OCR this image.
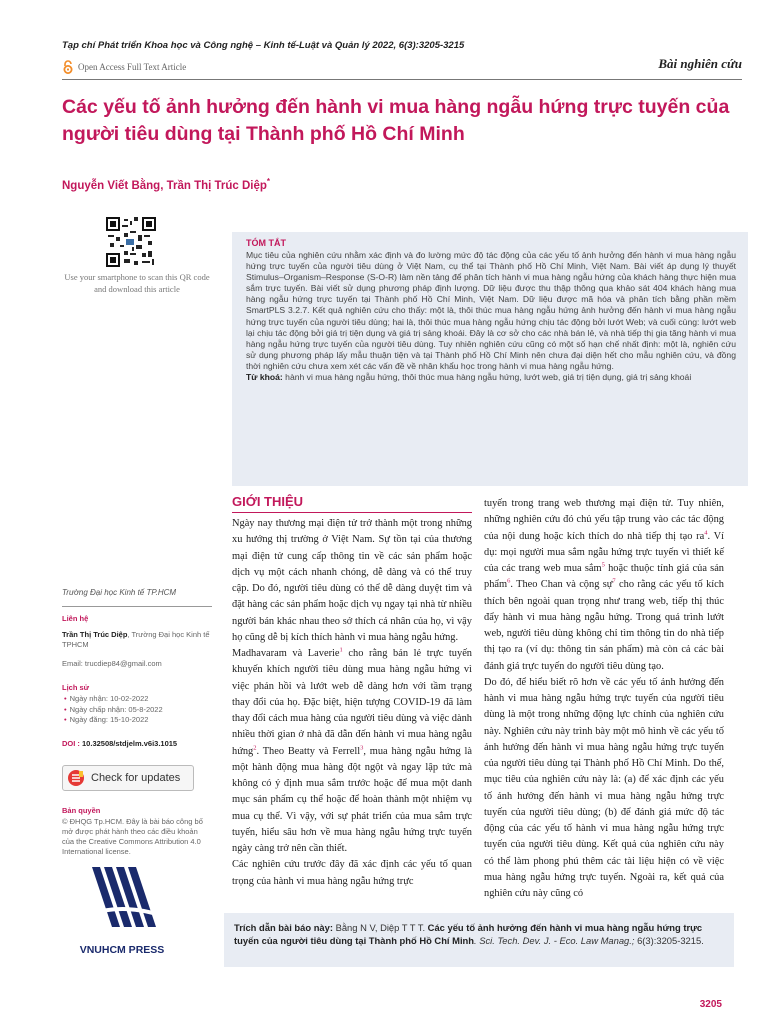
Tạp chí Phát triển Khoa học và Công nghệ – Kinh tế-Luật và Quản lý 2022, 6(3):3205-3215
Open Access Full Text Article	Bài nghiên cứu
Các yếu tố ảnh hưởng đến hành vi mua hàng ngẫu hứng trực tuyến của người tiêu dùng tại Thành phố Hồ Chí Minh
Nguyễn Viết Bằng, Trần Thị Trúc Diệp*
Use your smartphone to scan this QR code and download this article
TÓM TẮT

Mục tiêu của nghiên cứu nhằm xác định và đo lường mức độ tác động của các yếu tố ảnh hưởng đến hành vi mua hàng ngẫu hứng trực tuyến của người tiêu dùng ở Việt Nam, cụ thể tại Thành phố Hồ Chí Minh, Việt Nam. Bài viết áp dụng lý thuyết Stimulus–Organism–Response (S-O-R) làm nền tảng để phân tích hành vi mua hàng ngẫu hứng của khách hàng thực hiện mua sắm trực tuyến. Bài viết sử dụng phương pháp định lượng. Dữ liệu được thu thập thông qua khảo sát 404 khách hàng mua hàng ngẫu hứng trực tuyến tại Thành phố Hồ Chí Minh, Việt Nam. Dữ liệu được mã hóa và phân tích bằng phần mềm SmartPLS 3.2.7. Kết quả nghiên cứu cho thấy: một là, thôi thúc mua hàng ngẫu hứng ảnh hưởng đến hành vi mua hàng ngẫu hứng trực tuyến của người tiêu dùng; hai là, thôi thúc mua hàng ngẫu hứng chịu tác động bởi lướt Web; và cuối cùng: lướt web lại chịu tác động bởi giá trị tiện dụng và giá trị sảng khoái. Đây là cơ sở cho các nhà bán lẻ, và nhà tiếp thị gia tăng hành vi mua hàng ngẫu hứng trực tuyến của người tiêu dùng. Tuy nhiên nghiên cứu cũng có một số hạn chế nhất định: một là, nghiên cứu sử dụng phương pháp lấy mẫu thuận tiện và tại Thành phố Hồ Chí Minh nên chưa đại diện hết cho mẫu nghiên cứu, và đồng thời nghiên cứu chưa xem xét các vấn đề về nhân khẩu học trong hành vi mua hàng ngẫu hứng.

Từ khoá: hành vi mua hàng ngẫu hứng, thôi thúc mua hàng ngẫu hứng, lướt web, giá trị tiện dụng, giá trị sảng khoái

Trường Đại học Kinh tế TP.HCM
Liên hệ
Trần Thị Trúc Diệp, Trường Đại học Kinh tế TPHCM
Email: trucdiep84@gmail.com
Lịch sử
• Ngày nhận: 10-02-2022
• Ngày chấp nhận: 05-8-2022
• Ngày đăng: 15-10-2022
DOI : 10.32508/stdjelm.v6i3.1015
Check for updates
Bản quyền
© ĐHQG Tp.HCM. Đây là bài báo công bố mở được phát hành theo các điều khoản của the Creative Commons Attribution 4.0 International license.
VNUHCM PRESS
GIỚI THIỆU

Ngày nay thương mại điện tử trở thành một trong những xu hướng thị trường ở Việt Nam. Sự tồn tại của thương mại điện tử cung cấp thông tin về các sản phẩm hoặc dịch vụ một cách nhanh chóng, dễ dàng và có thể truy cập. Do đó, người tiêu dùng có thể dễ dàng duyệt tìm và đặt hàng các sản phẩm hoặc dịch vụ ngay tại nhà từ nhiều người bán khác nhau theo sở thích cá nhân của họ, vì vậy họ cũng dễ bị kích thích hành vi mua hàng ngẫu hứng.

Madhavaram và Laverie$^1$ cho rằng bản lẻ trực tuyến khuyến khích người tiêu dùng mua hàng ngẫu hứng vì việc phản hồi và lướt web dễ dàng hơn với tầm trạng thay đổi của họ. Đặc biệt, hiện tượng COVID-19 đã làm thay đổi cách mua hàng của người tiêu dùng và việc dành nhiều thời gian ở nhà đã dẫn đến hành vi mua hàng ngẫu hứng$^2$. Theo Beatty và Ferrell$^3$, mua hàng ngẫu hứng là một hành động mua hàng đột ngột và ngay lập tức mà không có ý định mua sắm trước hoặc để mua một danh mục sản phẩm cụ thể hoặc để hoàn thành một nhiệm vụ mua cụ thể. Vì vậy, với sự phát triển của mua sắm trực tuyến, hiểu sâu hơn về mua hàng ngẫu hứng trực tuyến ngày càng trở nên cần thiết.

Các nghiên cứu trước đây đã xác định các yếu tố quan trọng của hành vi mua hàng ngẫu hứng trực

tuyến trong trang web thương mại điện tử. Tuy nhiên, những nghiên cứu đó chủ yếu tập trung vào các tác động của nội dung hoặc kích thích do nhà tiếp thị tạo $ra^4$. Ví dụ: mọi người mua sắm ngẫu hứng trực tuyến vì thiết kế của các trang web mua sắm$^5$ hoặc thuộc tính giá của sản phẩm$^6$. Theo Chan và cộng sự$^7$ cho rằng các yếu tố kích thích bên ngoài quan trọng như trang web, tiếp thị thúc đẩy hành vi mua hàng ngẫu hứng. Trong quá trình lướt web, người tiêu dùng không chỉ tìm thông tin do nhà tiếp thị tạo ra (ví dụ: thông tin sản phẩm) mà còn cả các bài đánh giá trực tuyến do người tiêu dùng tạo.

Do đó, để hiểu biết rõ hơn về các yếu tố ảnh hưởng đến hành vi mua hàng ngẫu hứng trực tuyến của người tiêu dùng là một trong những động lực chính của nghiên cứu này. Nghiên cứu này trình bày một mô hình về các yếu tố ảnh hưởng đến hành vi mua hàng ngẫu hứng trực tuyến của người tiêu dùng tại Thành phố Hồ Chí Minh. Do thế, mục tiêu của nghiên cứu này là: (a) để xác định các yếu tố ảnh hưởng đến hành vi mua hàng ngẫu hứng trực tuyến của người tiêu dùng; (b) để đánh giá mức độ tác động của các yếu tố hành vi mua hàng ngẫu hứng trực tuyến của người tiêu dùng. Kết quả của nghiên cứu này có thể làm phong phú thêm các tài liệu hiện có về việc mua hàng ngẫu hứng trực tuyến. Ngoài ra, kết quả của nghiên cứu này cũng có

Trích dẫn bài báo này: Bằng N V, Diệp T T T. Các yếu tố ảnh hưởng đến hành vi mua hàng ngẫu hứng trực tuyến của người tiêu dùng tại Thành phố Hồ Chí Minh. Sci. Tech. Dev. J. - Eco. Law Manag.; 6(3):3205-3215.
3205
